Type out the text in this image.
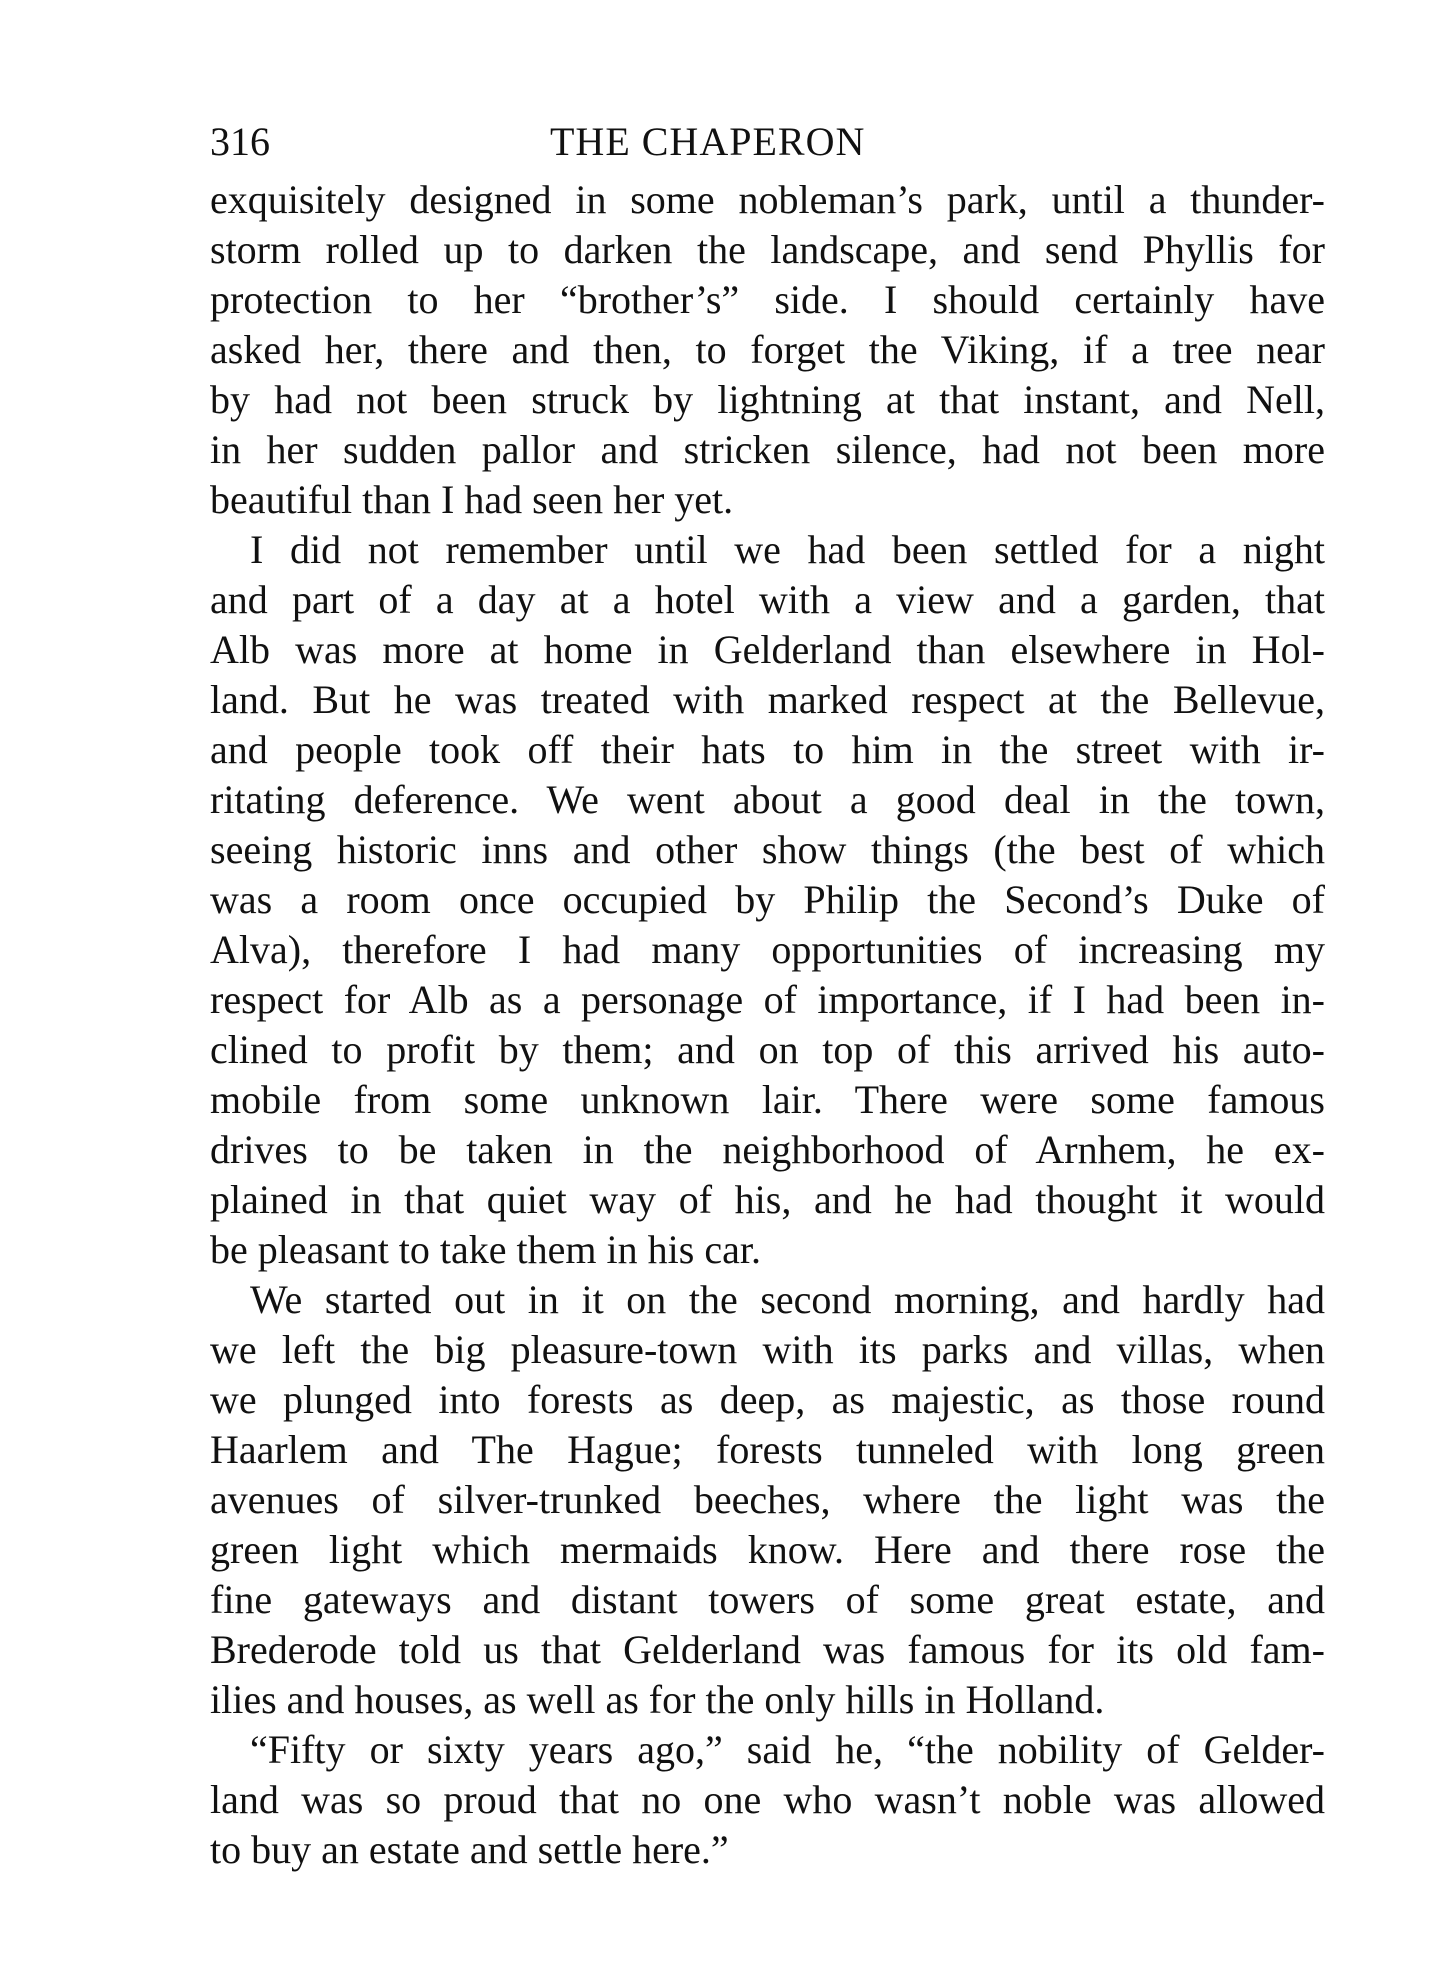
316	THE CHAPERON
exquisitely designed in some nobleman’s park, until a thunder-
storm rolled up to darken the landscape, and send Phyllis for
protection to her “brother’s” side. I should certainly have
asked her, there and then, to forget the Viking, if a tree near
by had not been struck by lightning at that instant, and Nell,
in her sudden pallor and stricken silence, had not been more
beautiful than I had seen her yet.
I did not remember until we had been settled for a night
and part of a day at a hotel with a view and a garden, that
Alb was more at home in Gelderland than elsewhere in Hol-
land. But he was treated with marked respect at the Bellevue,
and people took off their hats to him in the street with ir-
ritating deference. We went about a good deal in the town,
seeing historic inns and other show things (the best of which
was a room once occupied by Philip the Second’s Duke of
Alva), therefore I had many opportunities of increasing my
respect for Alb as a personage of importance, if I had been in-
clined to profit by them; and on top of this arrived his auto-
mobile from some unknown lair. There were some famous
drives to be taken in the neighborhood of Arnhem, he ex-
plained in that quiet way of his, and he had thought it would
be pleasant to take them in his car.
We started out in it on the second morning, and hardly had
we left the big pleasure-town with its parks and villas, when
we plunged into forests as deep, as majestic, as those round
Haarlem and The Hague; forests tunneled with long green
avenues of silver-trunked beeches, where the light was the
green light which mermaids know. Here and there rose the
fine gateways and distant towers of some great estate, and
Brederode told us that Gelderland was famous for its old fam-
ilies and houses, as well as for the only hills in Holland.
“Fifty or sixty years ago,” said he, “the nobility of Gelder-
land was so proud that no one who wasn’t noble was allowed
to buy an estate and settle here.”
